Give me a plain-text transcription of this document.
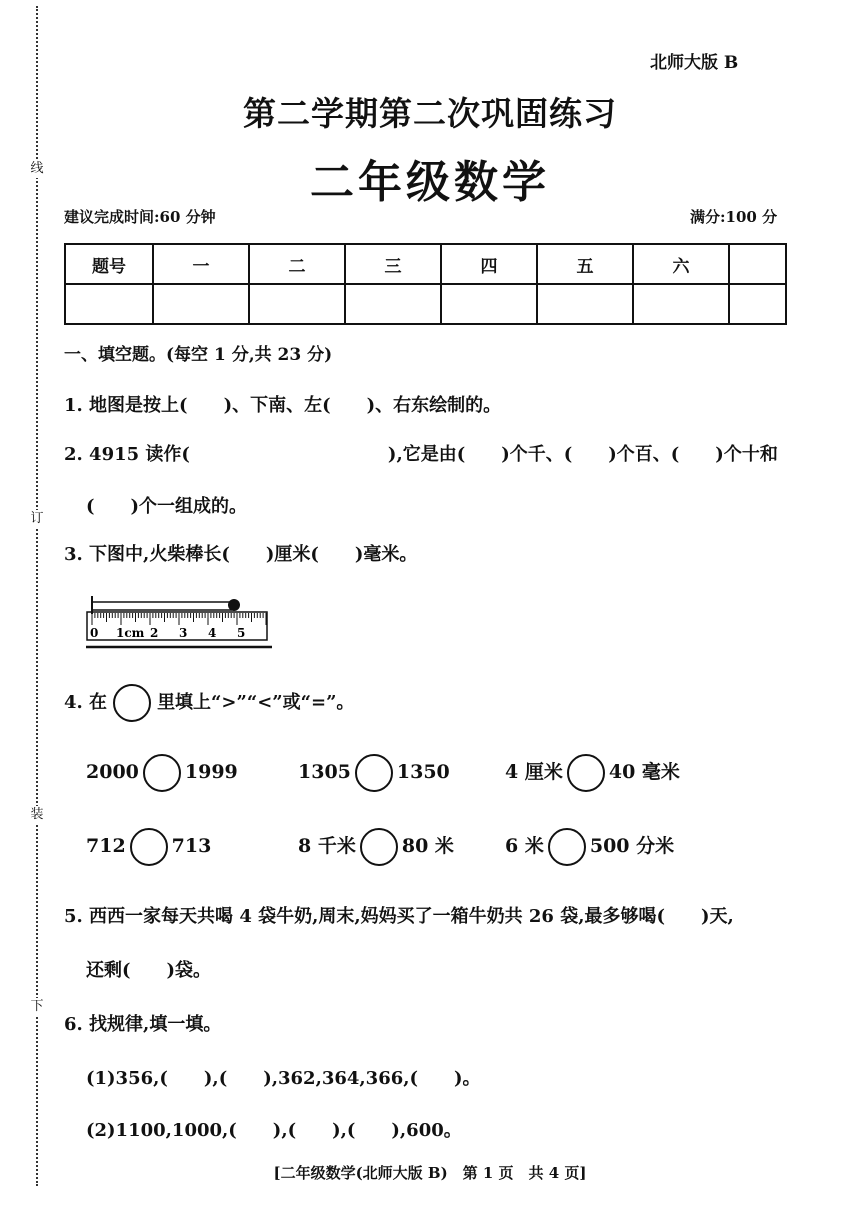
线
订
装
下
北师大版 B
第二学期第二次巩固练习
二年级数学
建议完成时间:60 分钟	满分:100 分
题号	一	二	三	四	五	六	

一、填空题。(每空 1 分,共 23 分)
1. 地图是按上(　　)、下南、左(　　)、右东绘制的。
2. 4915 读作(　　　　　　　　　　　),它是由(　　)个千、(　　)个百、(　　)个十和
(　　)个一组成的。
3. 下图中,火柴棒长(　　)厘米(　　)毫米。
0 1cm 2 3 4 5
4. 在	里填上“>”“<”或“=”。
2000 1999	1305 1350	4 厘米 40 毫米
712 713	8 千米 80 米	6 米 500 分米
5. 西西一家每天共喝 4 袋牛奶,周末,妈妈买了一箱牛奶共 26 袋,最多够喝(　　)天,
还剩(　　)袋。
6. 找规律,填一填。
(1)356,(　　),(　　),362,364,366,(　　)。
(2)1100,1000,(　　),(　　),(　　),600。
[二年级数学(北师大版 B)　第 1 页　共 4 页]
